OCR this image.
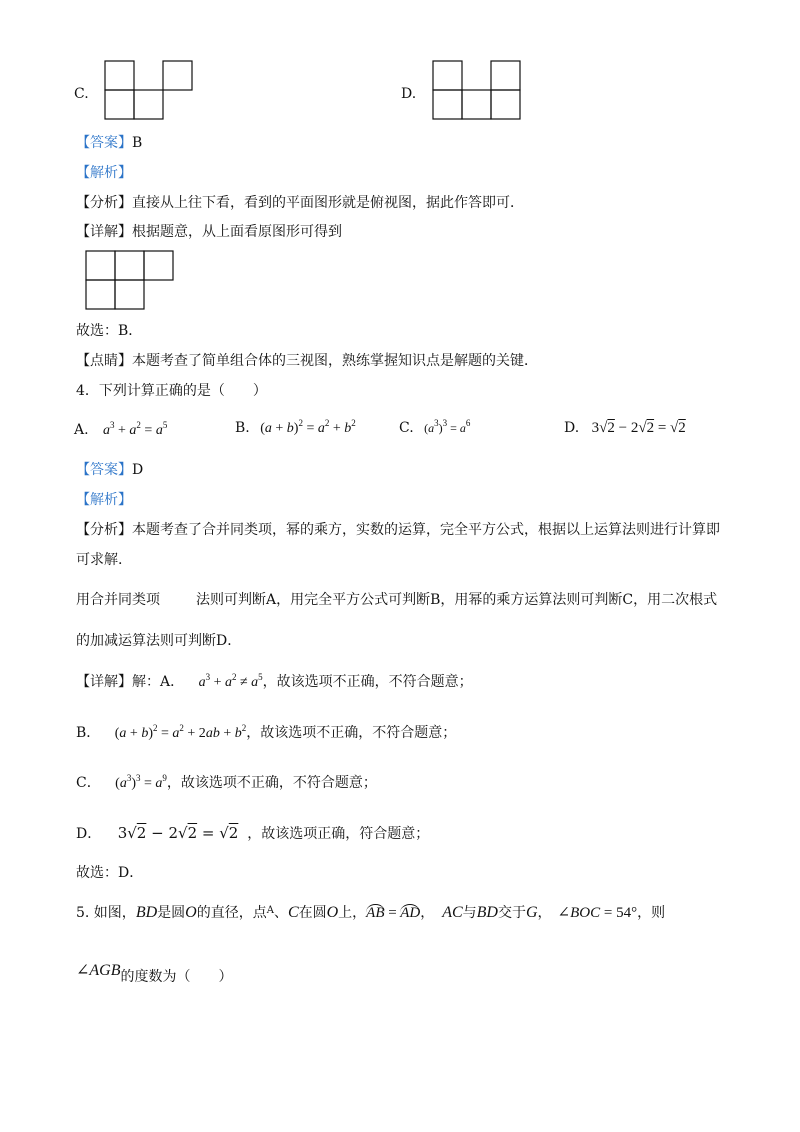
C.	D.
【答案】B
【解析】
【分析】直接从上往下看，看到的平面图形就是俯视图，据此作答即可．
【详解】根据题意，从上面看原图形可得到
故选：B．
【点睛】本题考查了简单组合体的三视图，熟练掌握知识点是解题的关键．
4．下列计算正确的是（　　）
A. $a^3 + a^2 = a^5$	B. $(a + b)^2 = a^2 + b^2$	C. $(a^3)^3 = a^6$	D. 3√2 − 2√2 = √2
【答案】D
【解析】
【分析】本题考查了合并同类项，幂的乘方，实数的运算，完全平方公式，根据以上运算法则进行计算即
可求解.
用合并同类项	法则可判断A，用完全平方公式可判断B，用幂的乘方运算法则可判断C，用二次根式
的加减运算法则可判断D．
【详解】解：A． $a^3 + a^2 \ne a^5$，故该选项不正确，不符合题意；
B． $(a + b)^2 = a^2 + 2ab + b^2$，故该选项不正确，不符合题意；
C． $(a^3)^3 = a^9$，故该选项不正确，不符合题意；
D． 3√2 − 2√2 = √2 ，故该选项正确，符合题意；
故选：D．
5. 如图，BD是圆O的直径，点$^A$、C在圆O上，AB = AD， AC与BD交于G， ∠BOC = 54°，则
∠AGB的度数为（　　）
